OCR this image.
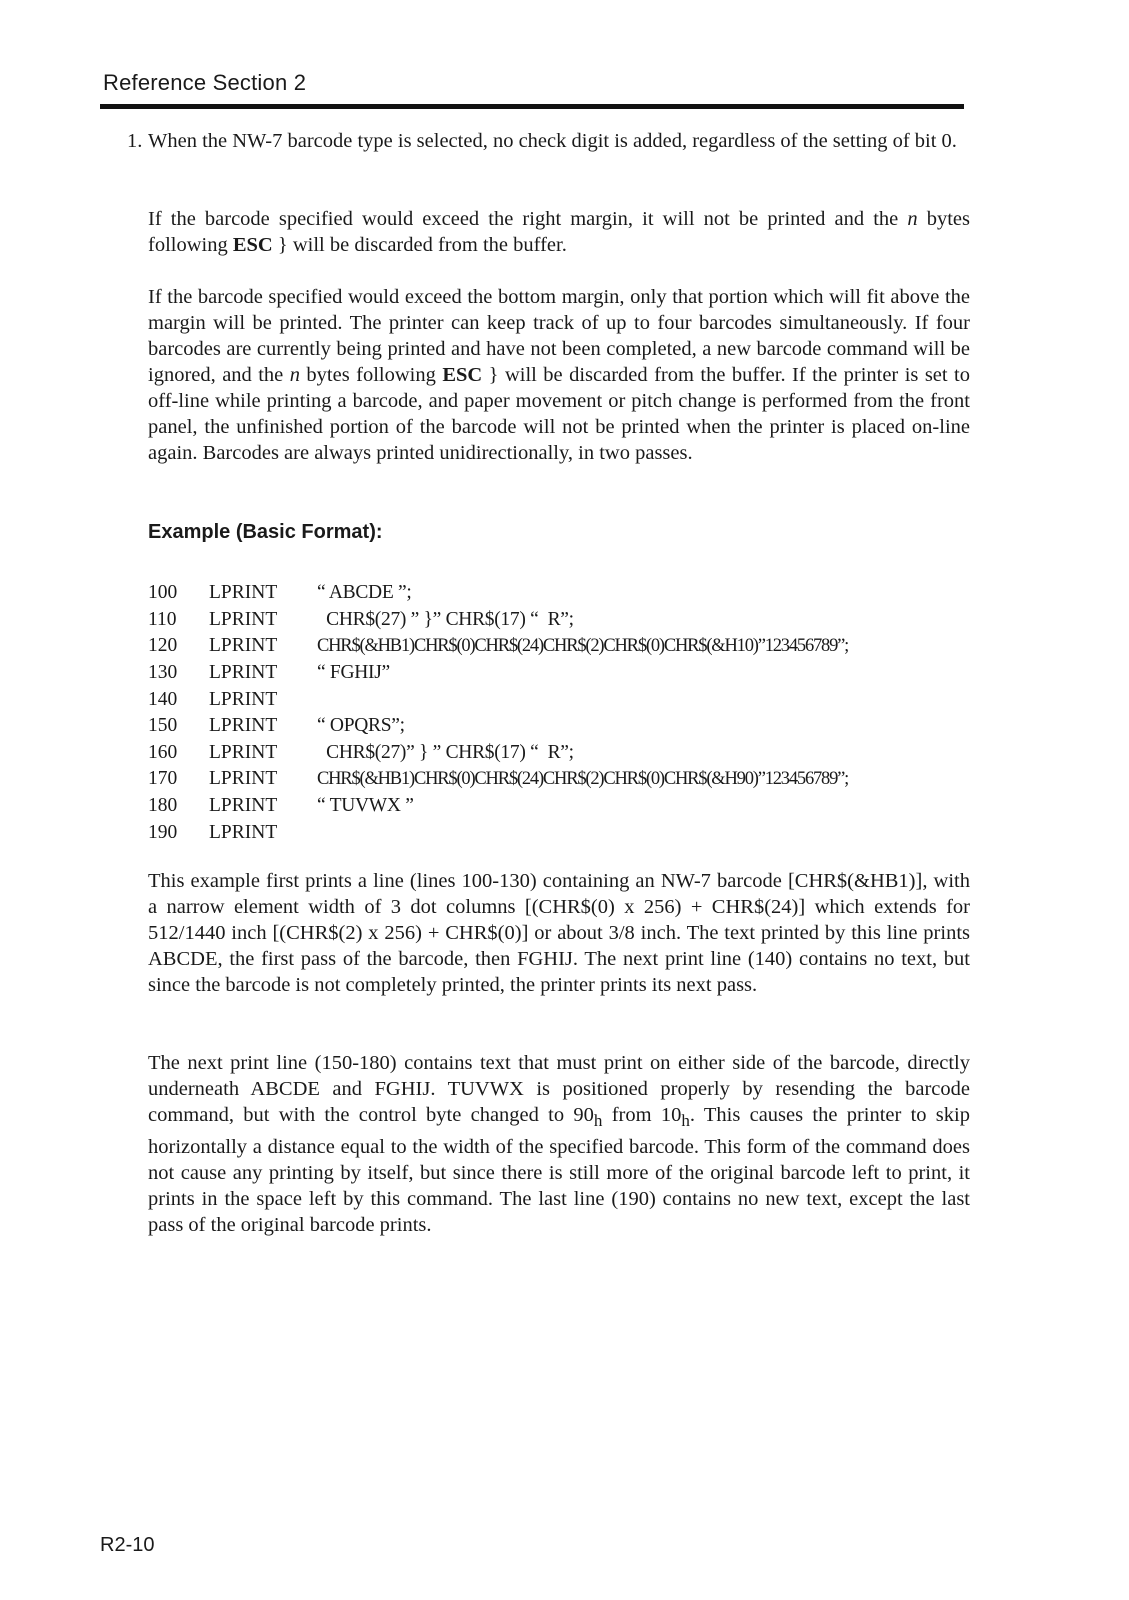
Reference Section 2
1. When the NW-7 barcode type is selected, no check digit is added, regardless of the setting of bit 0.
If the barcode specified would exceed the right margin, it will not be printed and the n bytes following ESC } will be discarded from the buffer.
If the barcode specified would exceed the bottom margin, only that portion which will fit above the margin will be printed. The printer can keep track of up to four barcodes simultaneously. If four barcodes are currently being printed and have not been completed, a new barcode command will be ignored, and the n bytes following ESC } will be discarded from the buffer. If the printer is set to off-line while printing a barcode, and paper movement or pitch change is performed from the front panel, the unfinished portion of the barcode will not be printed when the printer is placed on-line again. Barcodes are always printed unidirectionally, in two passes.
Example (Basic Format):
100	LPRINT	“ ABCDE ”;
110	LPRINT	CHR$(27) ” }” CHR$(17) “  R”;
120	LPRINT	CHR$(&HB1)CHR$(0)CHR$(24)CHR$(2)CHR$(0)CHR$(&H10)”123456789”;
130	LPRINT	“ FGHIJ”
140	LPRINT	
150	LPRINT	“ OPQRS”;
160	LPRINT	CHR$(27)” } ” CHR$(17) “  R”;
170	LPRINT	CHR$(&HB1)CHR$(0)CHR$(24)CHR$(2)CHR$(0)CHR$(&H90)”123456789”;
180	LPRINT	“ TUVWX ”
190	LPRINT	
This example first prints a line (lines 100-130) containing an NW-7 barcode [CHR$(&HB1)], with a narrow element width of 3 dot columns [(CHR$(0) x 256) + CHR$(24)] which extends for 512/1440 inch [(CHR$(2) x 256) + CHR$(0)] or about 3/8 inch. The text printed by this line prints ABCDE, the first pass of the barcode, then FGHIJ. The next print line (140) contains no text, but since the barcode is not completely printed, the printer prints its next pass.
The next print line (150-180) contains text that must print on either side of the barcode, directly underneath ABCDE and FGHIJ. TUVWX is positioned properly by resending the barcode command, but with the control byte changed to $90_h$ from $10_h$. This causes the printer to skip horizontally a distance equal to the width of the specified barcode. This form of the command does not cause any printing by itself, but since there is still more of the original barcode left to print, it prints in the space left by this command. The last line (190) contains no new text, except the last pass of the original barcode prints.
R2-10
